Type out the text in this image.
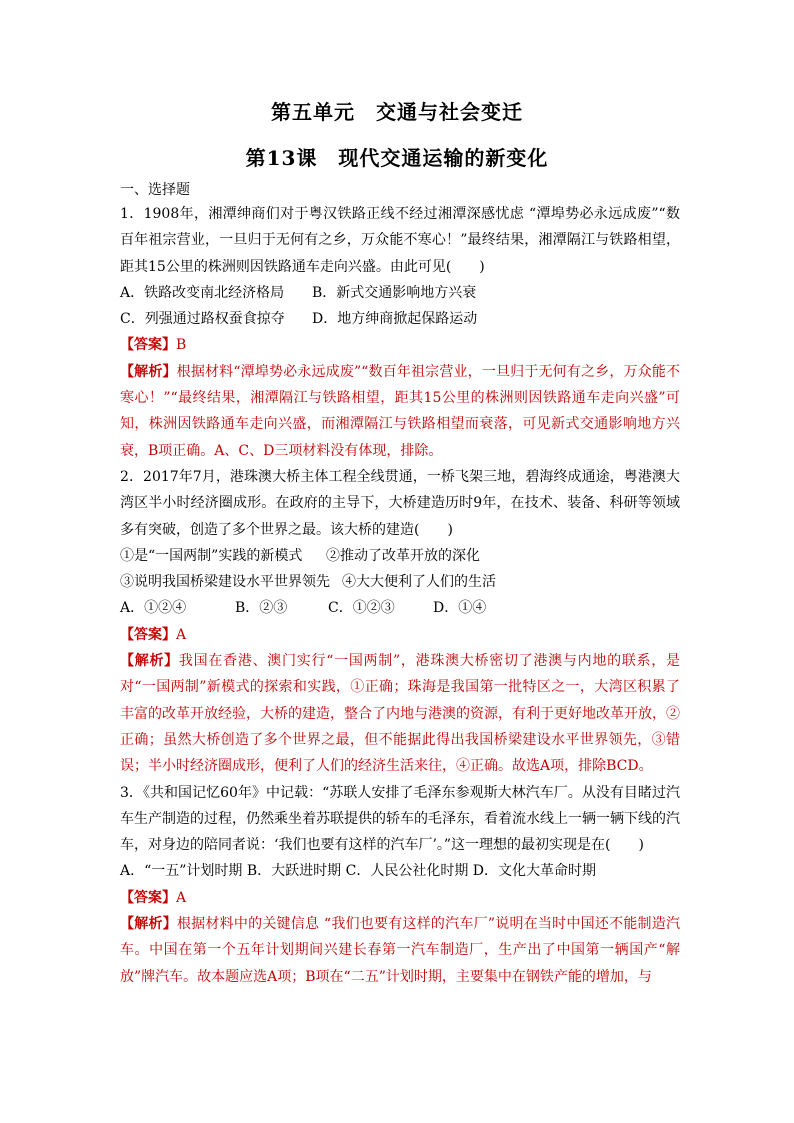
第五单元　交通与社会变迁
第13课　现代交通运输的新变化
一、选择题

1．1908年，湘潭绅商们对于粤汉铁路正线不经过湘潭深感忧虑 “潭埠势必永远成废”“数百年祖宗营业，一旦归于无何有之乡，万众能不寒心！”最终结果，湘潭隔江与铁路相望，距其15公里的株洲则因铁路通车走向兴盛。由此可见(　　)

A．铁路改变南北经济格局	B．新式交通影响地方兴衰
C．列强通过路权蚕食掠夺	D．地方绅商掀起保路运动

【答案】B

【解析】根据材料“潭埠势必永远成废”“数百年祖宗营业，一旦归于无何有之乡，万众能不寒心！”“最终结果，湘潭隔江与铁路相望，距其15公里的株洲则因铁路通车走向兴盛”可知，株洲因铁路通车走向兴盛，而湘潭隔江与铁路相望而衰落，可见新式交通影响地方兴衰，B项正确。A、C、D三项材料没有体现，排除。

2．2017年7月，港珠澳大桥主体工程全线贯通，一桥飞架三地，碧海终成通途，粤港澳大湾区半小时经济圈成形。在政府的主导下，大桥建造历时9年，在技术、装备、科研等领域多有突破，创造了多个世界之最。该大桥的建造(　　)

①是“一国两制”实践的新模式	②推动了改革开放的深化
③说明我国桥梁建设水平世界领先 ④大大便利了人们的生活
A．①②④	B．②③	C．①②③	D．①④

【答案】A

【解析】我国在香港、澳门实行“一国两制”，港珠澳大桥密切了港澳与内地的联系，是对“一国两制”新模式的探索和实践，①正确；珠海是我国第一批特区之一，大湾区积累了丰富的改革开放经验，大桥的建造，整合了内地与港澳的资源，有利于更好地改革开放，②正确；虽然大桥创造了多个世界之最，但不能据此得出我国桥梁建设水平世界领先，③错误；半小时经济圈成形，便利了人们的经济生活来往，④正确。故选A项，排除BCD。

3．《共和国记忆60年》中记载：“苏联人安排了毛泽东参观斯大林汽车厂。从没有目睹过汽车生产制造的过程，仍然乘坐着苏联提供的轿车的毛泽东，看着流水线上一辆一辆下线的汽车，对身边的陪同者说：‘我们也要有这样的汽车厂’。”这一理想的最初实现是在(　　)

A．“一五”计划时期 B．大跃进时期 C．人民公社化时期 D．文化大革命时期

【答案】A

【解析】根据材料中的关键信息 “我们也要有这样的汽车厂”说明在当时中国还不能制造汽车。中国在第一个五年计划期间兴建长春第一汽车制造厂，生产出了中国第一辆国产“解放”牌汽车。故本题应选A项；B项在“二五”计划时期，主要集中在钢铁产能的增加，与
